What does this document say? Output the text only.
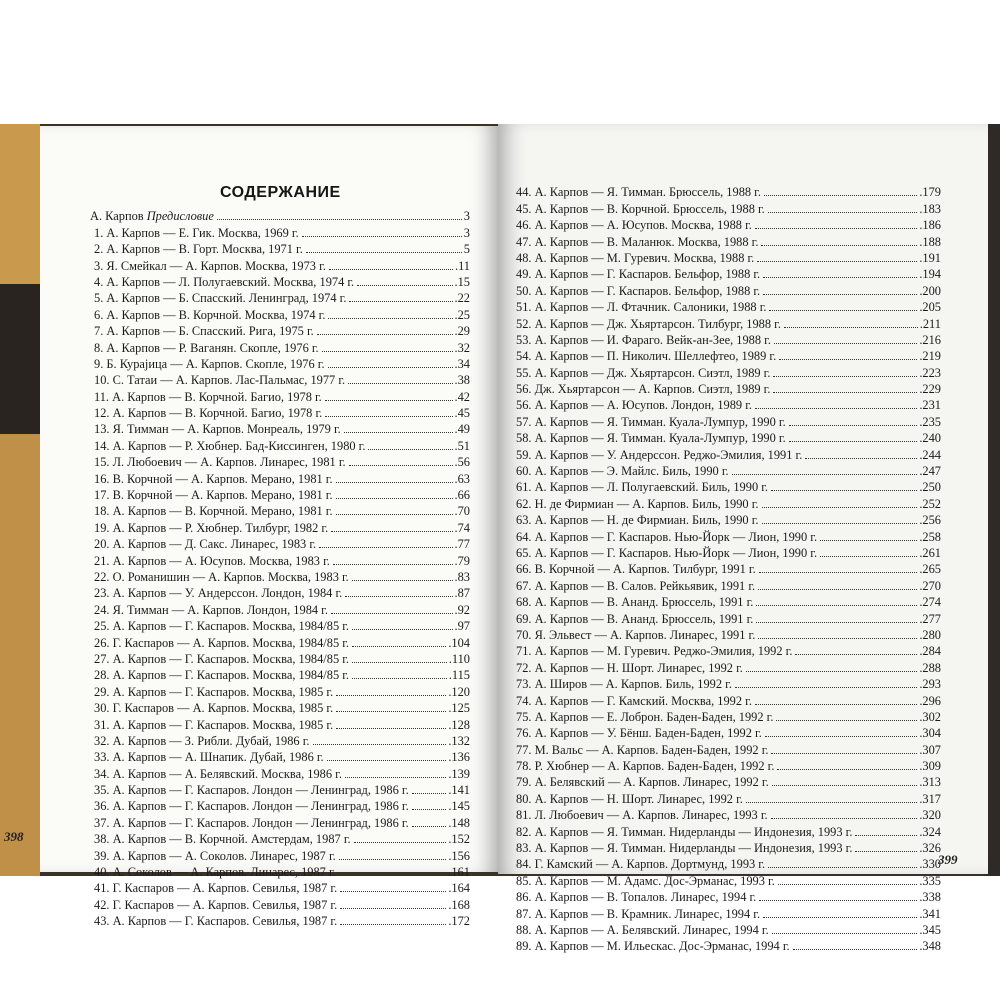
СОДЕРЖАНИЕ
А. Карпов Предисловие	3
1. А. Карпов — Е. Гик. Москва, 1969 г.	3
2. А. Карпов — В. Горт. Москва, 1971 г.	5
3. Я. Смейкал — А. Карпов. Москва, 1973 г.	.11
4. А. Карпов — Л. Полугаевский. Москва, 1974 г.	.15
5. А. Карпов — Б. Спасский. Ленинград, 1974 г.	.22
6. А. Карпов — В. Корчной. Москва, 1974 г.	.25
7. А. Карпов — Б. Спасский. Рига, 1975 г.	.29
8. А. Карпов — Р. Ваганян. Скопле, 1976 г.	.32
9. Б. Курајица — А. Карпов. Скопле, 1976 г.	.34
10. С. Татаи — А. Карпов. Лас-Пальмас, 1977 г.	.38
11. А. Карпов — В. Корчной. Багио, 1978 г.	.42
12. А. Карпов — В. Корчной. Багио, 1978 г.	.45
13. Я. Тимман — А. Карпов. Монреаль, 1979 г.	.49
14. А. Карпов — Р. Хюбнер. Бад-Киссинген, 1980 г.	.51
15. Л. Любоевич — А. Карпов. Линарес, 1981 г.	.56
16. В. Корчной — А. Карпов. Мерано, 1981 г.	.63
17. В. Корчной — А. Карпов. Мерано, 1981 г.	.66
18. А. Карпов — В. Корчной. Мерано, 1981 г.	.70
19. А. Карпов — Р. Хюбнер. Тилбург, 1982 г.	.74
20. А. Карпов — Д. Сакс. Линарес, 1983 г.	.77
21. А. Карпов — А. Юсупов. Москва, 1983 г.	.79
22. О. Романишин — А. Карпов. Москва, 1983 г.	.83
23. А. Карпов — У. Андерссон. Лондон, 1984 г.	.87
24. Я. Тимман — А. Карпов. Лондон, 1984 г.	.92
25. А. Карпов — Г. Каспаров. Москва, 1984/85 г.	.97
26. Г. Каспаров — А. Карпов. Москва, 1984/85 г.	.104
27. А. Карпов — Г. Каспаров. Москва, 1984/85 г.	.110
28. А. Карпов — Г. Каспаров. Москва, 1984/85 г.	.115
29. А. Карпов — Г. Каспаров. Москва, 1985 г.	.120
30. Г. Каспаров — А. Карпов. Москва, 1985 г.	.125
31. А. Карпов — Г. Каспаров. Москва, 1985 г.	.128
32. А. Карпов — З. Рибли. Дубай, 1986 г.	.132
33. А. Карпов — А. Шнапик. Дубай, 1986 г.	.136
34. А. Карпов — А. Белявский. Москва, 1986 г.	.139
35. А. Карпов — Г. Каспаров. Лондон — Ленинград, 1986 г.	.141
36. А. Карпов — Г. Каспаров. Лондон — Ленинград, 1986 г.	.145
37. А. Карпов — Г. Каспаров. Лондон — Ленинград, 1986 г.	.148
38. А. Карпов — В. Корчной. Амстердам, 1987 г.	.152
39. А. Карпов — А. Соколов. Линарес, 1987 г.	.156
40. А. Соколов — А. Карпов. Линарес, 1987 г.	.161
41. Г. Каспаров — А. Карпов. Севилья, 1987 г.	.164
42. Г. Каспаров — А. Карпов. Севилья, 1987 г.	.168
43. А. Карпов — Г. Каспаров. Севилья, 1987 г.	.172
398
44. А. Карпов — Я. Тимман. Брюссель, 1988 г.	.179
45. А. Карпов — В. Корчной. Брюссель, 1988 г.	.183
46. А. Карпов — А. Юсупов. Москва, 1988 г.	.186
47. А. Карпов — В. Маланюк. Москва, 1988 г.	.188
48. А. Карпов — М. Гуревич. Москва, 1988 г.	.191
49. А. Карпов — Г. Каспаров. Бельфор, 1988 г.	.194
50. А. Карпов — Г. Каспаров. Бельфор, 1988 г.	.200
51. А. Карпов — Л. Фтачник. Салоники, 1988 г.	.205
52. А. Карпов — Дж. Хьяртарсон. Тилбург, 1988 г.	.211
53. А. Карпов — И. Фараго. Вейк-ан-Зее, 1988 г.	.216
54. А. Карпов — П. Николич. Шеллефтео, 1989 г.	.219
55. А. Карпов — Дж. Хьяртарсон. Сиэтл, 1989 г.	.223
56. Дж. Хьяртарсон — А. Карпов. Сиэтл, 1989 г.	.229
56. А. Карпов — А. Юсупов. Лондон, 1989 г.	.231
57. А. Карпов — Я. Тимман. Куала-Лумпур, 1990 г.	.235
58. А. Карпов — Я. Тимман. Куала-Лумпур, 1990 г.	.240
59. А. Карпов — У. Андерссон. Реджо-Эмилия, 1991 г.	.244
60. А. Карпов — Э. Майлс. Биль, 1990 г.	.247
61. А. Карпов — Л. Полугаевский. Биль, 1990 г.	.250
62. Н. де Фирмиан — А. Карпов. Биль, 1990 г.	.252
63. А. Карпов — Н. де Фирмиан. Биль, 1990 г.	.256
64. А. Карпов — Г. Каспаров. Нью-Йорк — Лион, 1990 г.	.258
65. А. Карпов — Г. Каспаров. Нью-Йорк — Лион, 1990 г.	.261
66. В. Корчной — А. Карпов. Тилбург, 1991 г.	.265
67. А. Карпов — В. Салов. Рейкьявик, 1991 г.	.270
68. А. Карпов — В. Ананд. Брюссель, 1991 г.	.274
69. А. Карпов — В. Ананд. Брюссель, 1991 г.	.277
70. Я. Эльвест — А. Карпов. Линарес, 1991 г.	.280
71. А. Карпов — М. Гуревич. Реджо-Эмилия, 1992 г.	.284
72. А. Карпов — Н. Шорт. Линарес, 1992 г.	.288
73. А. Широв — А. Карпов. Биль, 1992 г.	.293
74. А. Карпов — Г. Камский. Москва, 1992 г.	.296
75. А. Карпов — Е. Лоброн. Баден-Баден, 1992 г.	.302
76. А. Карпов — У. Бёнш. Баден-Баден, 1992 г.	.304
77. М. Вальс — А. Карпов. Баден-Баден, 1992 г.	.307
78. Р. Хюбнер — А. Карпов. Баден-Баден, 1992 г.	.309
79. А. Белявский — А. Карпов. Линарес, 1992 г.	.313
80. А. Карпов — Н. Шорт. Линарес, 1992 г.	.317
81. Л. Любоевич — А. Карпов. Линарес, 1993 г.	.320
82. А. Карпов — Я. Тимман. Нидерланды — Индонезия, 1993 г.	.324
83. А. Карпов — Я. Тимман. Нидерланды — Индонезия, 1993 г.	.326
84. Г. Камский — А. Карпов. Дортмунд, 1993 г.	.330
85. А. Карпов — М. Адамс. Дос-Эрманас, 1993 г.	.335
86. А. Карпов — В. Топалов. Линарес, 1994 г.	.338
87. А. Карпов — В. Крамник. Линарес, 1994 г.	.341
88. А. Карпов — А. Белявский. Линарес, 1994 г.	.345
89. А. Карпов — М. Ильескас. Дос-Эрманас, 1994 г.	.348
399
